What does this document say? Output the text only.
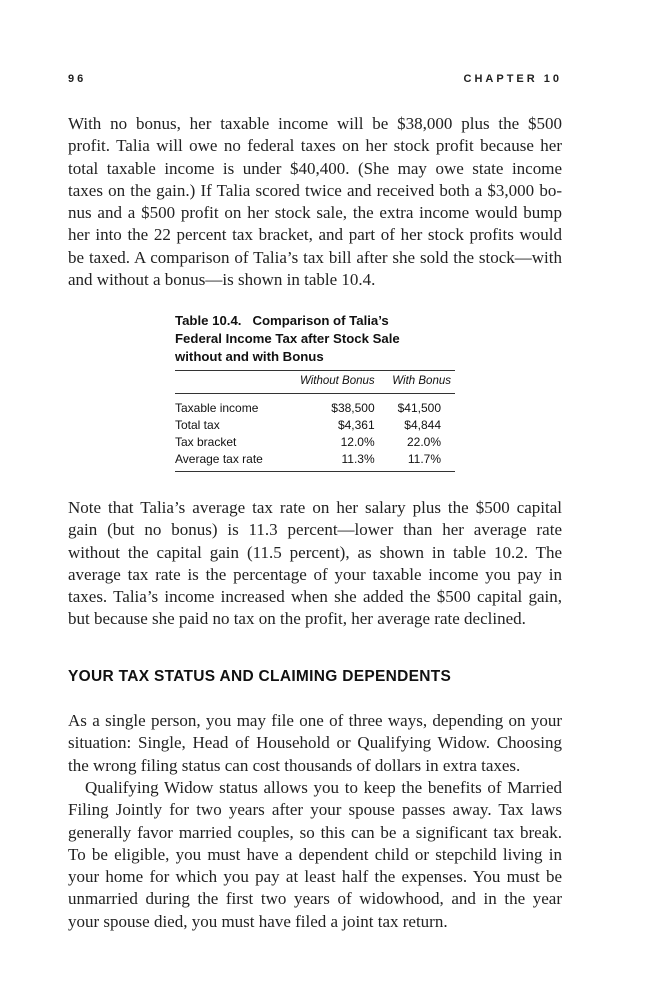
96	CHAPTER 10
With no bonus, her taxable income will be $38,000 plus the $500
profit. Talia will owe no federal taxes on her stock profit because her
total taxable income is under $40,400. (She may owe state income
taxes on the gain.) If Talia scored twice and received both a $3,000 bo-
nus and a $500 profit on her stock sale, the extra income would bump
her into the 22 percent tax bracket, and part of her stock profits would
be taxed. A comparison of Talia’s tax bill after she sold the stock—with
and without a bonus—is shown in table 10.4.
Table 10.4.   Comparison of Talia’s
Federal Income Tax after Stock Sale
without and with Bonus
	Without Bonus	With Bonus
Taxable income	$38,500	$41,500
Total tax	$4,361	$4,844
Tax bracket	12.0%	22.0%
Average tax rate	11.3%	11.7%
Note that Talia’s average tax rate on her salary plus the $500 capital
gain (but no bonus) is 11.3 percent—lower than her average rate
without the capital gain (11.5 percent), as shown in table 10.2. The
average tax rate is the percentage of your taxable income you pay in
taxes. Talia’s income increased when she added the $500 capital gain,
but because she paid no tax on the profit, her average rate declined.
YOUR TAX STATUS AND CLAIMING DEPENDENTS
As a single person, you may file one of three ways, depending on your
situation: Single, Head of Household or Qualifying Widow. Choosing
the wrong filing status can cost thousands of dollars in extra taxes.
Qualifying Widow status allows you to keep the benefits of Married
Filing Jointly for two years after your spouse passes away. Tax laws
generally favor married couples, so this can be a significant tax break.
To be eligible, you must have a dependent child or stepchild living in
your home for which you pay at least half the expenses. You must be
unmarried during the first two years of widowhood, and in the year
your spouse died, you must have filed a joint tax return.
